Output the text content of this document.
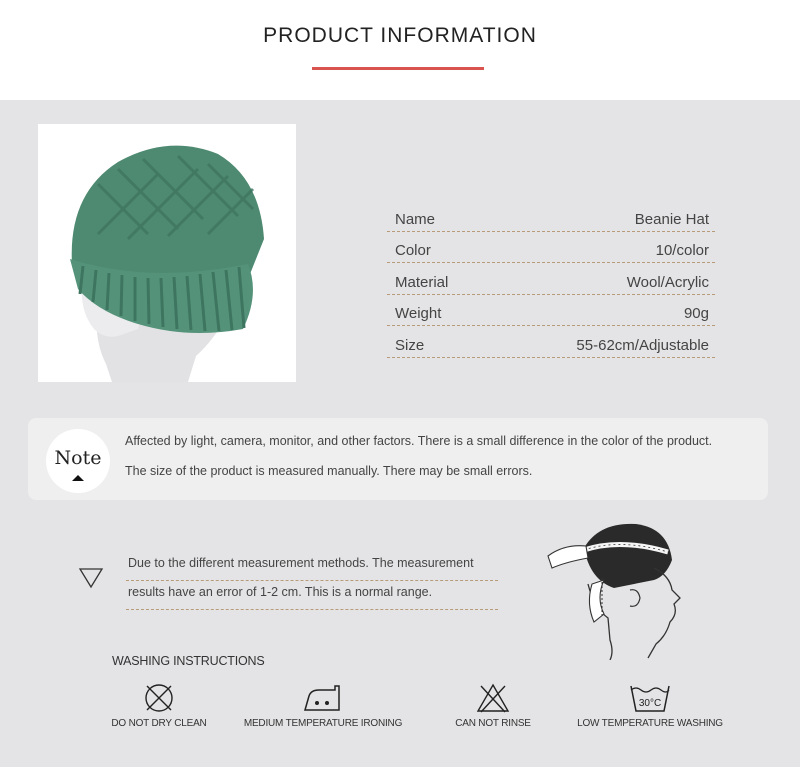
PRODUCT INFORMATION
Name	Beanie Hat
Color	10/color
Material	Wool/Acrylic
Weight	90g
Size	55-62cm/Adjustable
Note
Affected by light, camera, monitor, and other factors. There is a small difference in the color of the product.
The size of the product is measured manually. There may be small errors.
Due to the different measurement methods. The measurement
results have an error of 1-2 cm. This is a normal range.
WASHING INSTRUCTIONS
DO NOT DRY CLEAN	MEDIUM TEMPERATURE IRONING	CAN NOT RINSE
30°C
LOW TEMPERATURE WASHING
